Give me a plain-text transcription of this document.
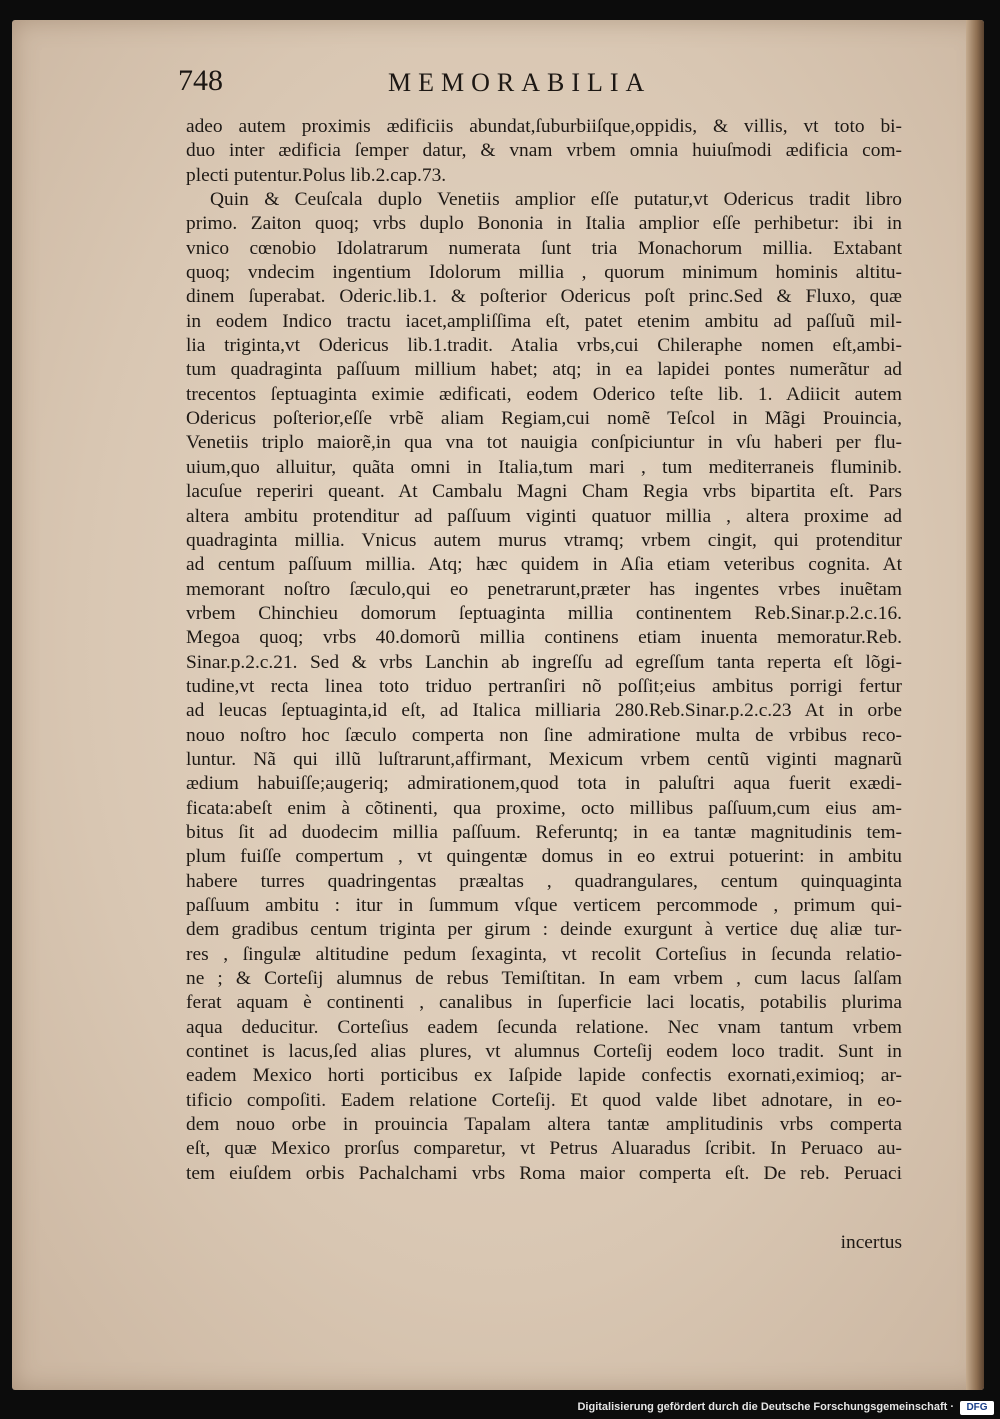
748	MEMORABILIA
adeo autem proximis ædificiis abundat,ſuburbiiſque,oppidis, & villis, vt toto bi-
duo inter ædificia ſemper datur, & vnam vrbem omnia huiuſmodi ædificia com-
plecti putentur.Polus lib.2.cap.73.
Quin & Ceuſcala duplo Venetiis amplior eſſe putatur,vt Odericus tradit libro
primo. Zaiton quoq; vrbs duplo Bononia in Italia amplior eſſe perhibetur: ibi in
vnico cœnobio Idolatrarum numerata ſunt tria Monachorum millia. Extabant
quoq; vndecim ingentium Idolorum millia , quorum minimum hominis altitu-
dinem ſuperabat. Oderic.lib.1. & poſterior Odericus poſt princ.Sed & Fluxo, quæ
in eodem Indico tractu iacet,ampliſſima eſt, patet etenim ambitu ad paſſuũ mil-
lia triginta,vt Odericus lib.1.tradit. Atalia vrbs,cui Chileraphe nomen eſt,ambi-
tum quadraginta paſſuum millium habet; atq; in ea lapidei pontes numerãtur ad
trecentos ſeptuaginta eximie ædificati, eodem Oderico teſte lib. 1. Adiicit autem
Odericus poſterior,eſſe vrbẽ aliam Regiam,cui nomẽ Teſcol in Mãgi Prouincia,
Venetiis triplo maiorẽ,in qua vna tot nauigia conſpiciuntur in vſu haberi per flu-
uium,quo alluitur, quãta omni in Italia,tum mari , tum mediterraneis fluminib.
lacuſue reperiri queant. At Cambalu Magni Cham Regia vrbs bipartita eſt. Pars
altera ambitu protenditur ad paſſuum viginti quatuor millia , altera proxime ad
quadraginta millia. Vnicus autem murus vtramq; vrbem cingit, qui protenditur
ad centum paſſuum millia. Atq; hæc quidem in Aſia etiam veteribus cognita. At
memorant noſtro ſæculo,qui eo penetrarunt,præter has ingentes vrbes inuẽtam
vrbem Chinchieu domorum ſeptuaginta millia continentem Reb.Sinar.p.2.c.16.
Megoa quoq; vrbs 40.domorũ millia continens etiam inuenta memoratur.Reb.
Sinar.p.2.c.21. Sed & vrbs Lanchin ab ingreſſu ad egreſſum tanta reperta eſt lõgi-
tudine,vt recta linea toto triduo pertranſiri nõ poſſit;eius ambitus porrigi fertur
ad leucas ſeptuaginta,id eſt, ad Italica milliaria 280.Reb.Sinar.p.2.c.23 At in orbe
nouo noſtro hoc ſæculo comperta non ſine admiratione multa de vrbibus reco-
luntur. Nã qui illũ luſtrarunt,affirmant, Mexicum vrbem centũ viginti magnarũ
ædium habuiſſe;augeriq; admirationem,quod tota in paluſtri aqua fuerit exædi-
ficata:abeſt enim à cõtinenti, qua proxime, octo millibus paſſuum,cum eius am-
bitus ſit ad duodecim millia paſſuum. Referuntq; in ea tantæ magnitudinis tem-
plum fuiſſe compertum , vt quingentæ domus in eo extrui potuerint: in ambitu
habere turres quadringentas præaltas , quadrangulares, centum quinquaginta
paſſuum ambitu : itur in ſummum vſque verticem percommode , primum qui-
dem gradibus centum triginta per girum : deinde exurgunt à vertice duę aliæ tur-
res , ſingulæ altitudine pedum ſexaginta, vt recolit Corteſius in ſecunda relatio-
ne ; & Corteſij alumnus de rebus Temiſtitan. In eam vrbem , cum lacus ſalſam
ferat aquam è continenti , canalibus in ſuperficie laci locatis, potabilis plurima
aqua deducitur. Corteſius eadem ſecunda relatione. Nec vnam tantum vrbem
continet is lacus,ſed alias plures, vt alumnus Corteſij eodem loco tradit. Sunt in
eadem Mexico horti porticibus ex Iaſpide lapide confectis exornati,eximioq; ar-
tificio compoſiti. Eadem relatione Corteſij. Et quod valde libet adnotare, in eo-
dem nouo orbe in prouincia Tapalam altera tantæ amplitudinis vrbs comperta
eſt, quæ Mexico prorſus comparetur, vt Petrus Aluaradus ſcribit. In Peruaco au-
tem eiuſdem orbis Pachalchami vrbs Roma maior comperta eſt. De reb. Peruaci
incertus
Digitalisierung gefördert durch die Deutsche Forschungsgemeinschaft ·	DFG
